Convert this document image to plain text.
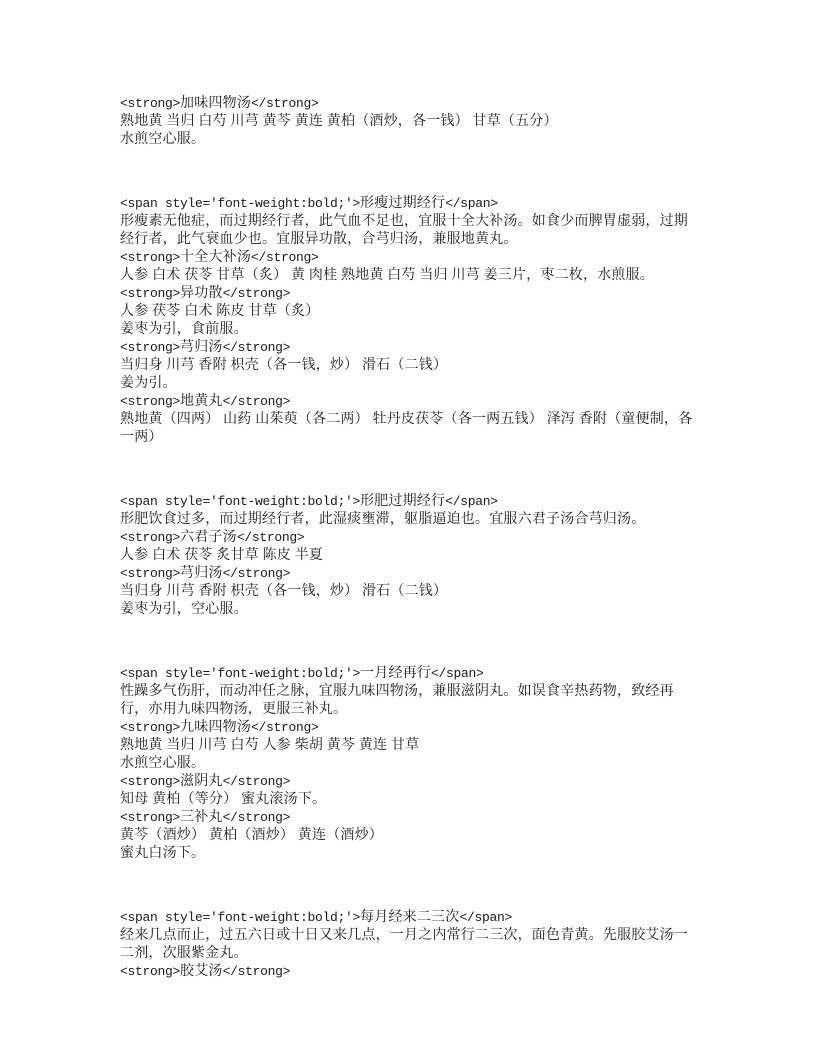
<strong>加味四物汤</strong>
熟地黄 当归 白芍 川芎 黄芩 黄连 黄柏（酒炒，各一钱） 甘草（五分）
水煎空心服。
<span style='font-weight:bold;'>形瘦过期经行</span>
形瘦素无他症，而过期经行者，此气血不足也，宜服十全大补汤。如食少而脾胃虚弱，过期经行者，此气衰血少也。宜服异功散，合芎归汤，兼服地黄丸。
<strong>十全大补汤</strong>
人参 白术 茯苓 甘草（炙） 黄 肉桂 熟地黄 白芍 当归 川芎 姜三片，枣二枚，水煎服。
<strong>异功散</strong>
人参 茯苓 白术 陈皮 甘草（炙）
姜枣为引，食前服。
<strong>芎归汤</strong>
当归身 川芎 香附 枳壳（各一钱，炒） 滑石（二钱）
姜为引。
<strong>地黄丸</strong>
熟地黄（四两） 山药 山茱萸（各二两） 牡丹皮茯苓（各一两五钱） 泽泻 香附（童便制，各一两）
<span style='font-weight:bold;'>形肥过期经行</span>
形肥饮食过多，而过期经行者，此湿痰壅滞，躯脂逼迫也。宜服六君子汤合芎归汤。
<strong>六君子汤</strong>
人参 白术 茯苓 炙甘草 陈皮 半夏
<strong>芎归汤</strong>
当归身 川芎 香附 枳壳（各一钱，炒） 滑石（二钱）
姜枣为引，空心服。
<span style='font-weight:bold;'>一月经再行</span>
性躁多气伤肝，而动冲任之脉，宜服九味四物汤，兼服滋阴丸。如误食辛热药物，致经再行，亦用九味四物汤，更服三补丸。
<strong>九味四物汤</strong>
熟地黄 当归 川芎 白芍 人参 柴胡 黄芩 黄连 甘草
水煎空心服。
<strong>滋阴丸</strong>
知母 黄柏（等分） 蜜丸滚汤下。
<strong>三补丸</strong>
黄芩（酒炒） 黄柏（酒炒） 黄连（酒炒）
蜜丸白汤下。
<span style='font-weight:bold;'>每月经来二三次</span>
经来几点而止，过五六日或十日又来几点，一月之内常行二三次，面色青黄。先服胶艾汤一二剂，次服紫金丸。
<strong>胶艾汤</strong>
